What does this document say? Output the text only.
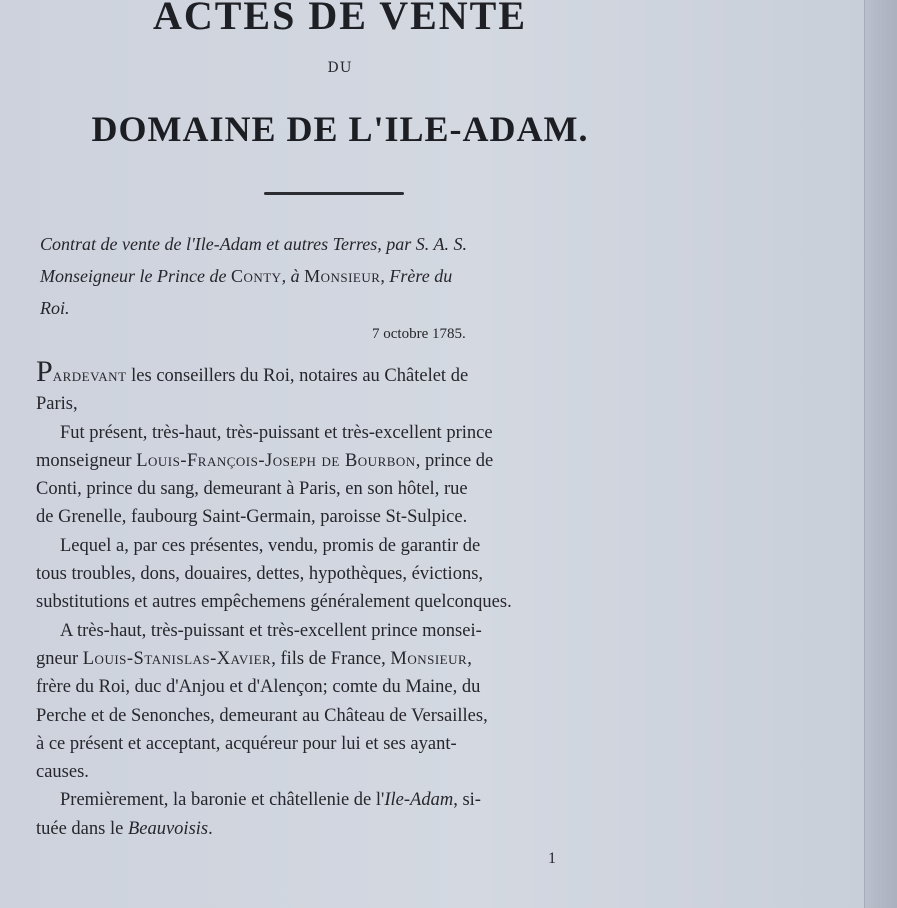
ACTES DE VENTE

DU

DOMAINE DE L'ILE-ADAM.

Contrat de vente de l'Ile-Adam et autres Terres, par S. A. S.
Monseigneur le Prince de Conty, à Monsieur, Frère du
Roi.

7 octobre 1785.

Pardevant les conseillers du Roi, notaires au Châtelet de
Paris,
Fut présent, très-haut, très-puissant et très-excellent prince
monseigneur Louis-François-Joseph de Bourbon, prince de
Conti, prince du sang, demeurant à Paris, en son hôtel, rue
de Grenelle, faubourg Saint-Germain, paroisse St-Sulpice.
Lequel a, par ces présentes, vendu, promis de garantir de
tous troubles, dons, douaires, dettes, hypothèques, évictions,
substitutions et autres empêchemens généralement quelconques.
A très-haut, très-puissant et très-excellent prince monsei-
gneur Louis-Stanislas-Xavier, fils de France, Monsieur,
frère du Roi, duc d'Anjou et d'Alençon; comte du Maine, du
Perche et de Senonches, demeurant au Château de Versailles,
à ce présent et acceptant, acquéreur pour lui et ses ayant-
causes.
Premièrement, la baronie et châtellenie de l'Ile-Adam, si-
tuée dans le Beauvoisis.

1
